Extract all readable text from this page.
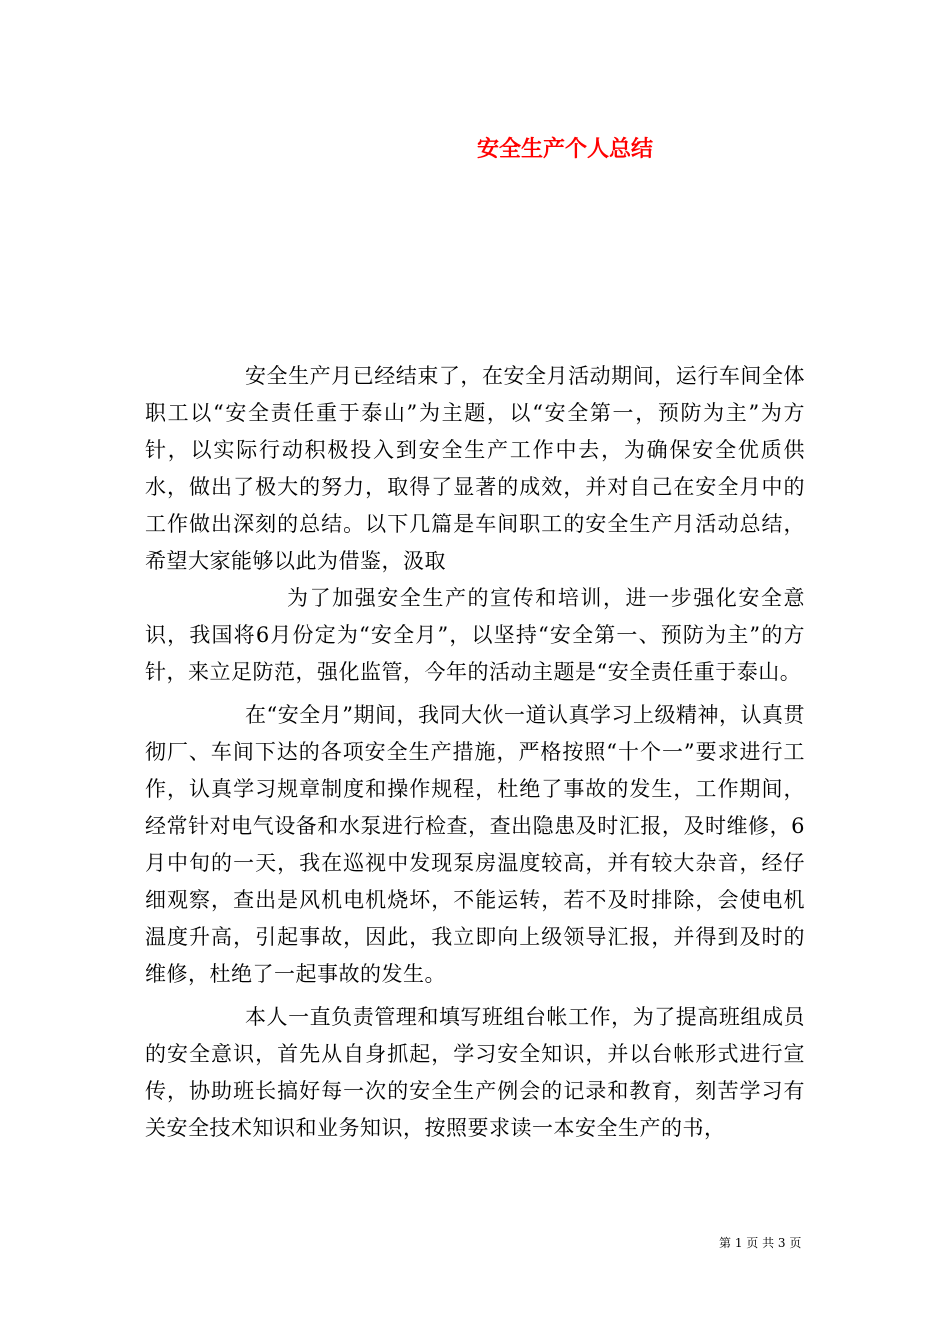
安全生产个人总结

安全生产月已经结束了，在安全月活动期间，运行车间全体职工以“安全责任重于泰山”为主题，以“安全第一，预防为主”为方针，以实际行动积极投入到安全生产工作中去，为确保安全优质供水，做出了极大的努力，取得了显著的成效，并对自己在安全月中的工作做出深刻的总结。以下几篇是车间职工的安全生产月活动总结，希望大家能够以此为借鉴，汲取

为了加强安全生产的宣传和培训，进一步强化安全意识，我国将6月份定为“安全月”，以坚持“安全第一、预防为主”的方针，来立足防范，强化监管，今年的活动主题是“安全责任重于泰山。

在“安全月”期间，我同大伙一道认真学习上级精神，认真贯彻厂、车间下达的各项安全生产措施，严格按照“十个一”要求进行工作，认真学习规章制度和操作规程，杜绝了事故的发生，工作期间，经常针对电气设备和水泵进行检查，查出隐患及时汇报，及时维修，6月中旬的一天，我在巡视中发现泵房温度较高，并有较大杂音，经仔细观察，查出是风机电机烧坏，不能运转，若不及时排除，会使电机温度升高，引起事故，因此，我立即向上级领导汇报，并得到及时的维修，杜绝了一起事故的发生。

本人一直负责管理和填写班组台帐工作，为了提高班组成员的安全意识，首先从自身抓起，学习安全知识，并以台帐形式进行宣传，协助班长搞好每一次的安全生产例会的记录和教育，刻苦学习有关安全技术知识和业务知识，按照要求读一本安全生产的书，

第 1 页 共 3 页
